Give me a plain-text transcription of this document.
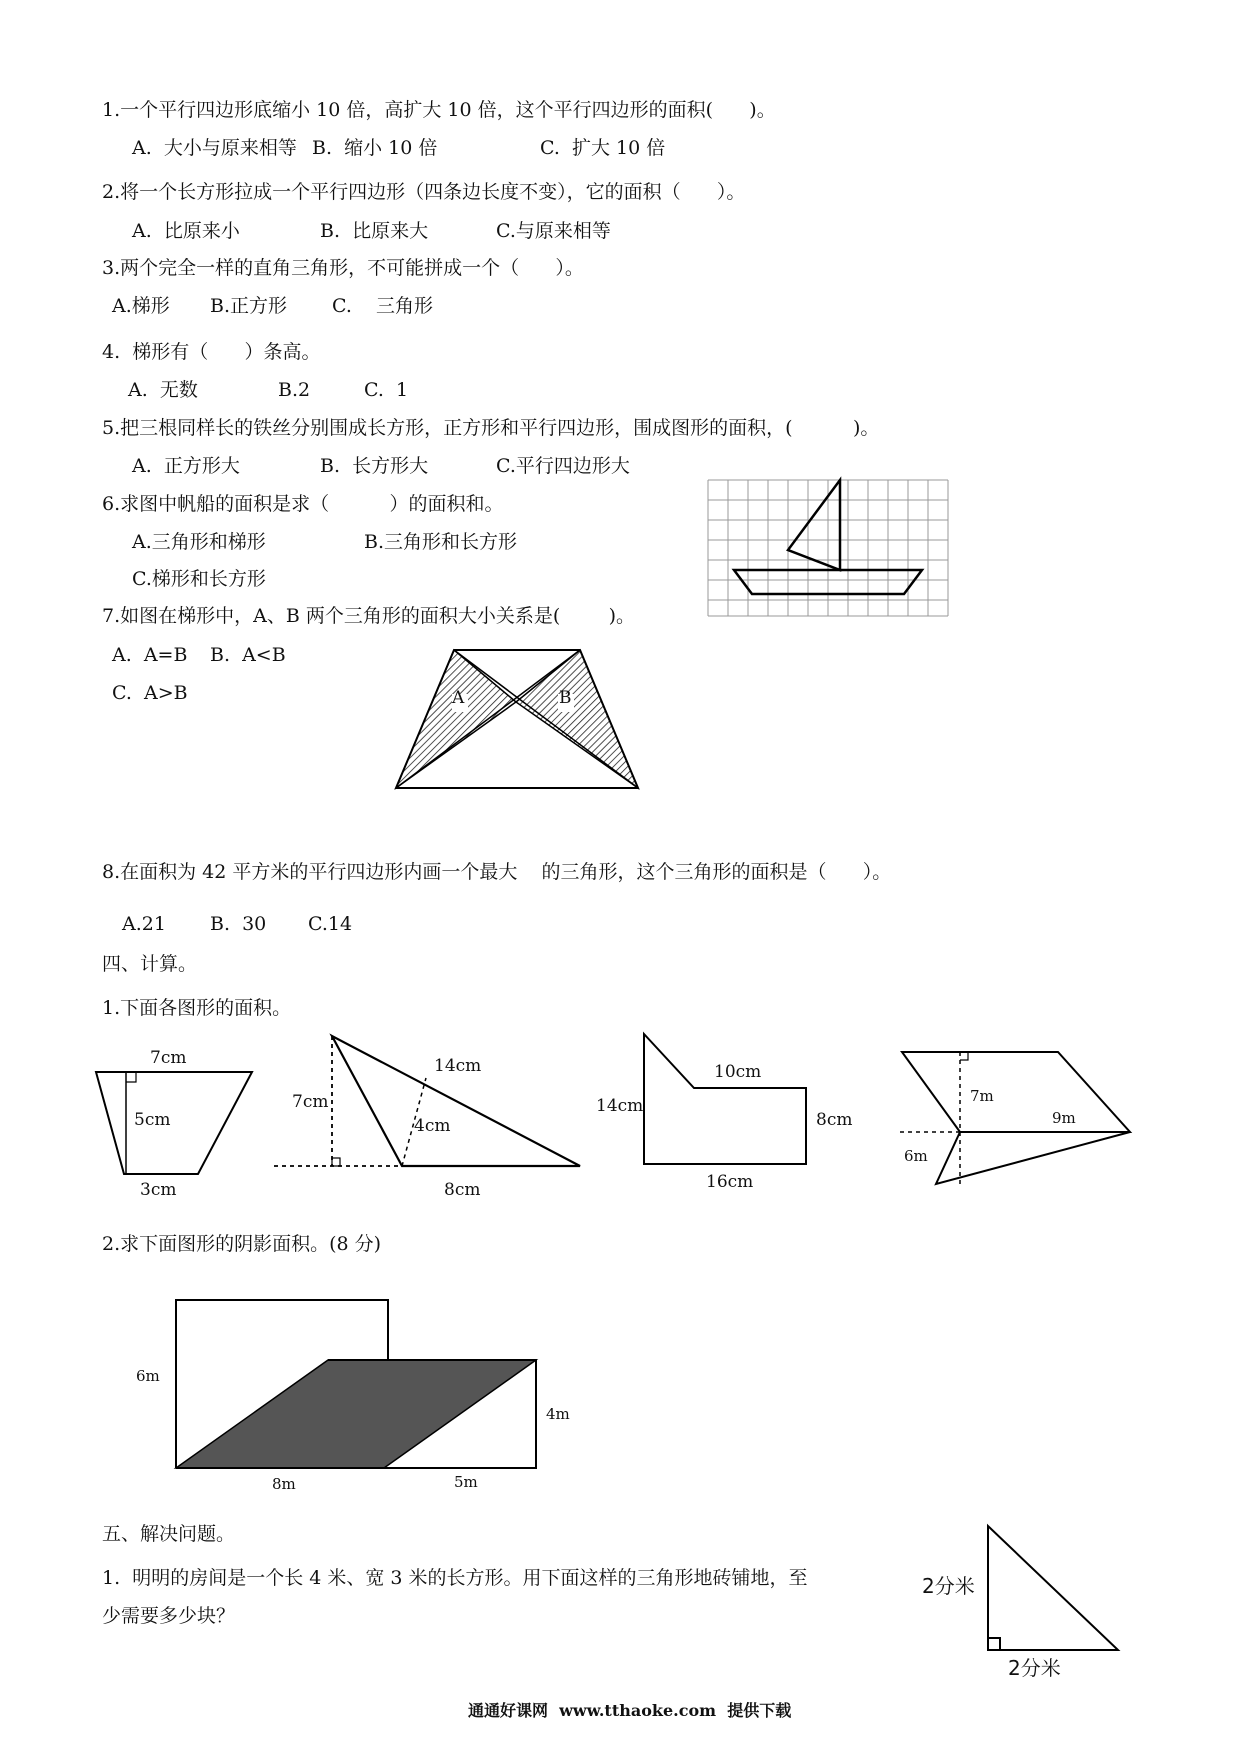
1.一个平行四边形底缩小 10 倍，高扩大 10 倍，这个平行四边形的面积(      )。
A.  大小与原来相等 B.  缩小 10 倍	C.  扩大 10 倍
2.将一个长方形拉成一个平行四边形（四条边长度不变），它的面积（      ）。
A.  比原来小	B.  比原来大	C.与原来相等
3.两个完全一样的直角三角形，不可能拼成一个（      ）。
A.梯形 B.正方形 C.    三角形
4.  梯形有（      ）条高。
A.  无数	B.2	C.  1
5.把三根同样长的铁丝分别围成长方形，正方形和平行四边形，围成图形的面积，(          )。
A.  正方形大	B.  长方形大	C.平行四边形大
6.求图中帆船的面积是求（          ）的面积和。
A.三角形和梯形	B.三角形和长方形
C.梯形和长方形
7.如图在梯形中，A、B 两个三角形的面积大小关系是(        )。
A.  A=B B.  A<B
C.  A>B	A	B
8.在面积为 42 平方米的平行四边形内画一个最大    的三角形，这个三角形的面积是（      ）。
A.21 B.  30 C.14
四、计算。
1.下面各图形的面积。
7cm
5cm
3cm
14cm
7cm
4cm
8cm
10cm
14cm
8cm
16cm
7m
9m
6m
2.求下面图形的阴影面积。(8 分)
6m
4m
8m	5m
五、解决问题。
1.  明明的房间是一个长 4 米、宽 3 米的长方形。用下面这样的三角形地砖铺地，至
少需要多少块？
2分米
2分米
通通好课网  www.tthaoke.com  提供下载
